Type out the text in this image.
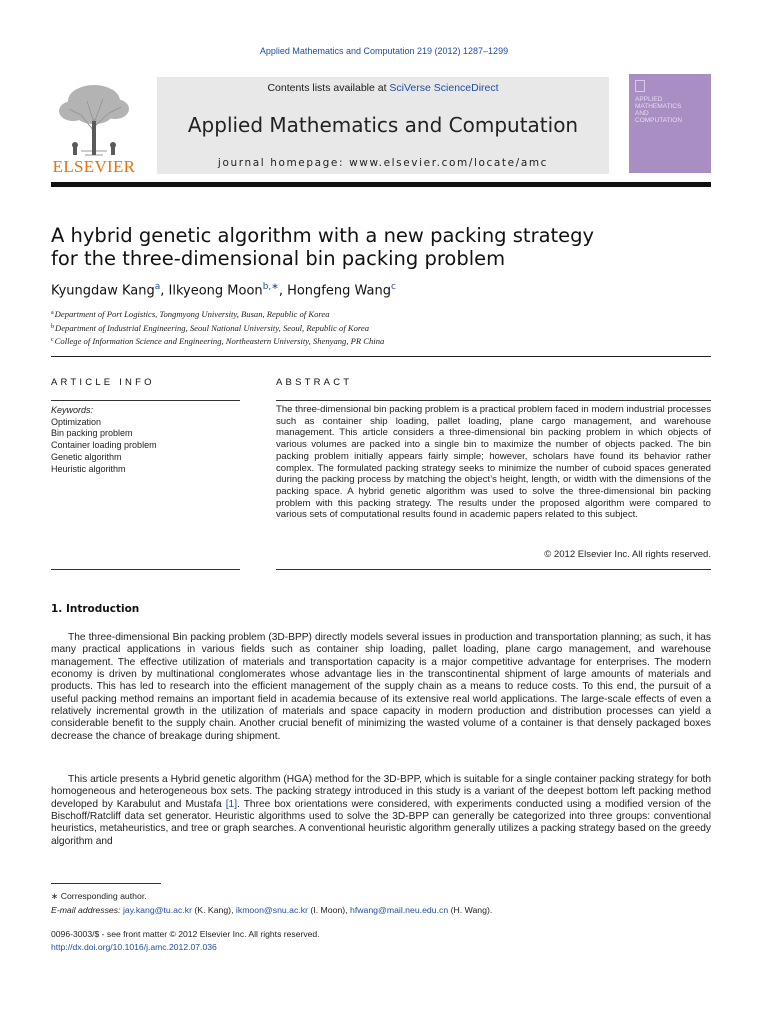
Applied Mathematics and Computation 219 (2012) 1287–1299
ELSEVIER
Contents lists available at SciVerse ScienceDirect
Applied Mathematics and Computation
journal homepage: www.elsevier.com/locate/amc
APPLIED
MATHEMATICS
AND
COMPUTATION
A hybrid genetic algorithm with a new packing strategy
for the three-dimensional bin packing problem
Kyungdaw Kang$^a$, Ilkyeong Moon$^{b,∗}$, Hongfeng Wang$^c$
$^a$Department of Port Logistics, Tongmyong University, Busan, Republic of Korea
$^b$Department of Industrial Engineering, Seoul National University, Seoul, Republic of Korea
$^c$College of Information Science and Engineering, Northeastern University, Shenyang, PR China
ARTICLE INFO
Keywords:
Optimization
Bin packing problem
Container loading problem
Genetic algorithm
Heuristic algorithm
ABSTRACT
The three-dimensional bin packing problem is a practical problem faced in modern industrial processes such as container ship loading, pallet loading, plane cargo management, and warehouse management. This article considers a three-dimensional bin packing problem in which objects of various volumes are packed into a single bin to maximize the number of objects packed. The bin packing problem initially appears fairly simple; however, scholars have found its behavior rather complex. The formulated packing strategy seeks to minimize the number of cuboid spaces generated during the packing process by matching the object’s height, length, or width with the dimensions of the packing space. A hybrid genetic algorithm was used to solve the three-dimensional bin packing problem with this packing strategy. The results under the proposed algorithm were compared to various sets of computational results found in academic papers related to this subject.
© 2012 Elsevier Inc. All rights reserved.
1. Introduction
The three-dimensional Bin packing problem (3D-BPP) directly models several issues in production and transportation planning; as such, it has many practical applications in various fields such as container ship loading, pallet loading, plane cargo management, and warehouse management. The effective utilization of materials and transportation capacity is a major competitive advantage for enterprises. The modern economy is driven by multinational conglomerates whose advantage lies in the transcontinental shipment of large amounts of materials and products. This has led to research into the efficient management of the supply chain as a means to reduce costs. To this end, the pursuit of a useful packing method remains an important field in academia because of its extensive real world applications. The large-scale effects of even a relatively incremental growth in the utilization of materials and space capacity in modern production and distribution processes can yield a considerable benefit to the supply chain. Another crucial benefit of minimizing the wasted volume of a container is that densely packaged boxes decrease the chance of breakage during shipment.
This article presents a Hybrid genetic algorithm (HGA) method for the 3D-BPP, which is suitable for a single container packing strategy for both homogeneous and heterogeneous box sets. The packing strategy introduced in this study is a variant of the deepest bottom left packing method developed by Karabulut and Mustafa [1]. Three box orientations were considered, with experiments conducted using a modified version of the Bischoff/Ratcliff data set generator. Heuristic algorithms used to solve the 3D-BPP can generally be categorized into three groups: conventional heuristics, metaheuristics, and tree or graph searches. A conventional heuristic algorithm generally utilizes a packing strategy based on the greedy algorithm and
∗ Corresponding author.
E-mail addresses: jay.kang@tu.ac.kr (K. Kang), ikmoon@snu.ac.kr (I. Moon), hfwang@mail.neu.edu.cn (H. Wang).
0096-3003/$ - see front matter © 2012 Elsevier Inc. All rights reserved.
http://dx.doi.org/10.1016/j.amc.2012.07.036
